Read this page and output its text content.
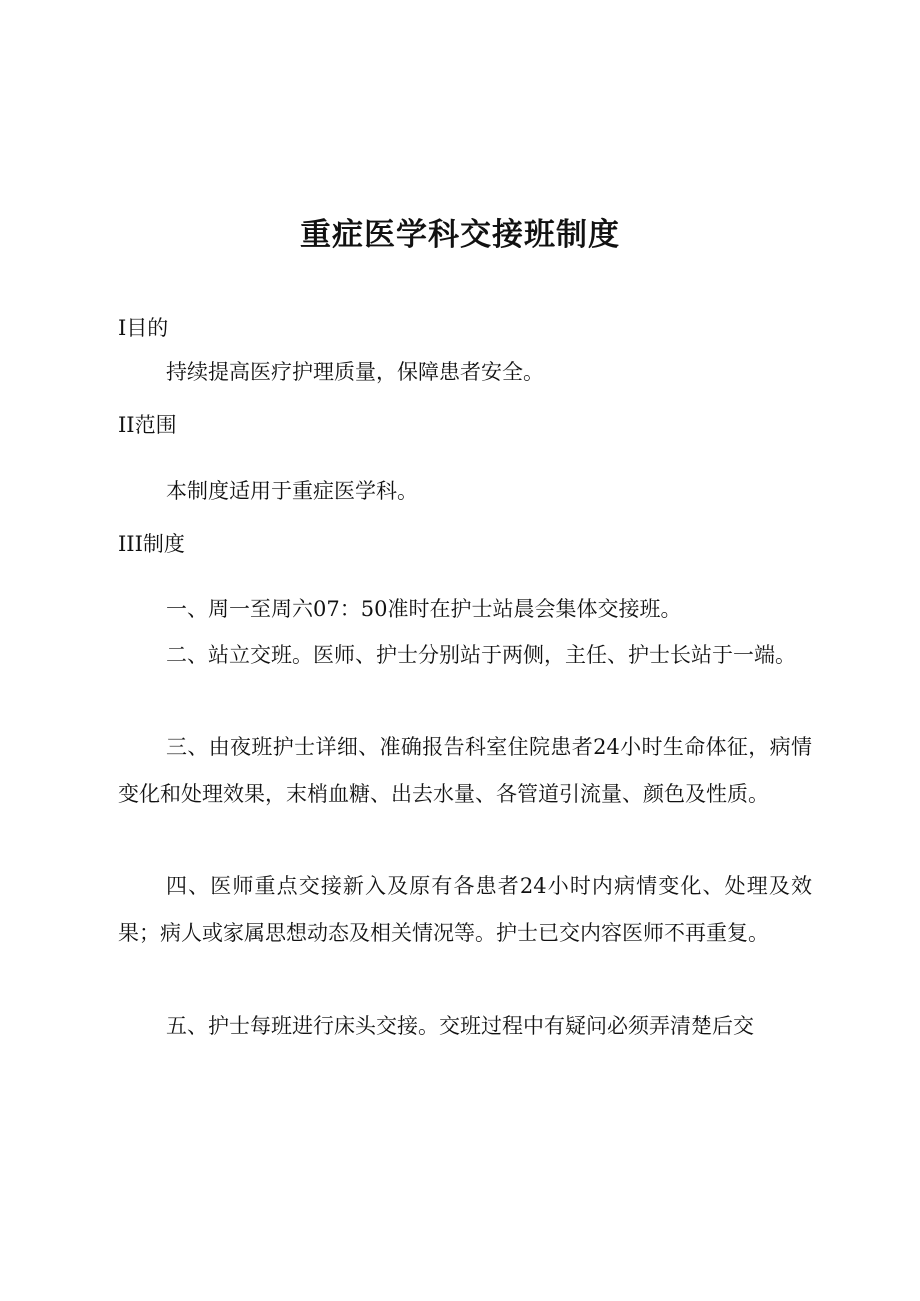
重症医学科交接班制度
I目的

持续提高医疗护理质量，保障患者安全。

II范围

本制度适用于重症医学科。

III制度

一、周一至周六07：50准时在护士站晨会集体交接班。

二、站立交班。医师、护士分别站于两侧，主任、护士长站于一端。

三、由夜班护士详细、准确报告科室住院患者24小时生命体征，病情变化和处理效果，末梢血糖、出去水量、各管道引流量、颜色及性质。

四、医师重点交接新入及原有各患者24小时内病情变化、处理及效果；病人或家属思想动态及相关情况等。护士已交内容医师不再重复。

五、护士每班进行床头交接。交班过程中有疑问必须弄清楚后交
